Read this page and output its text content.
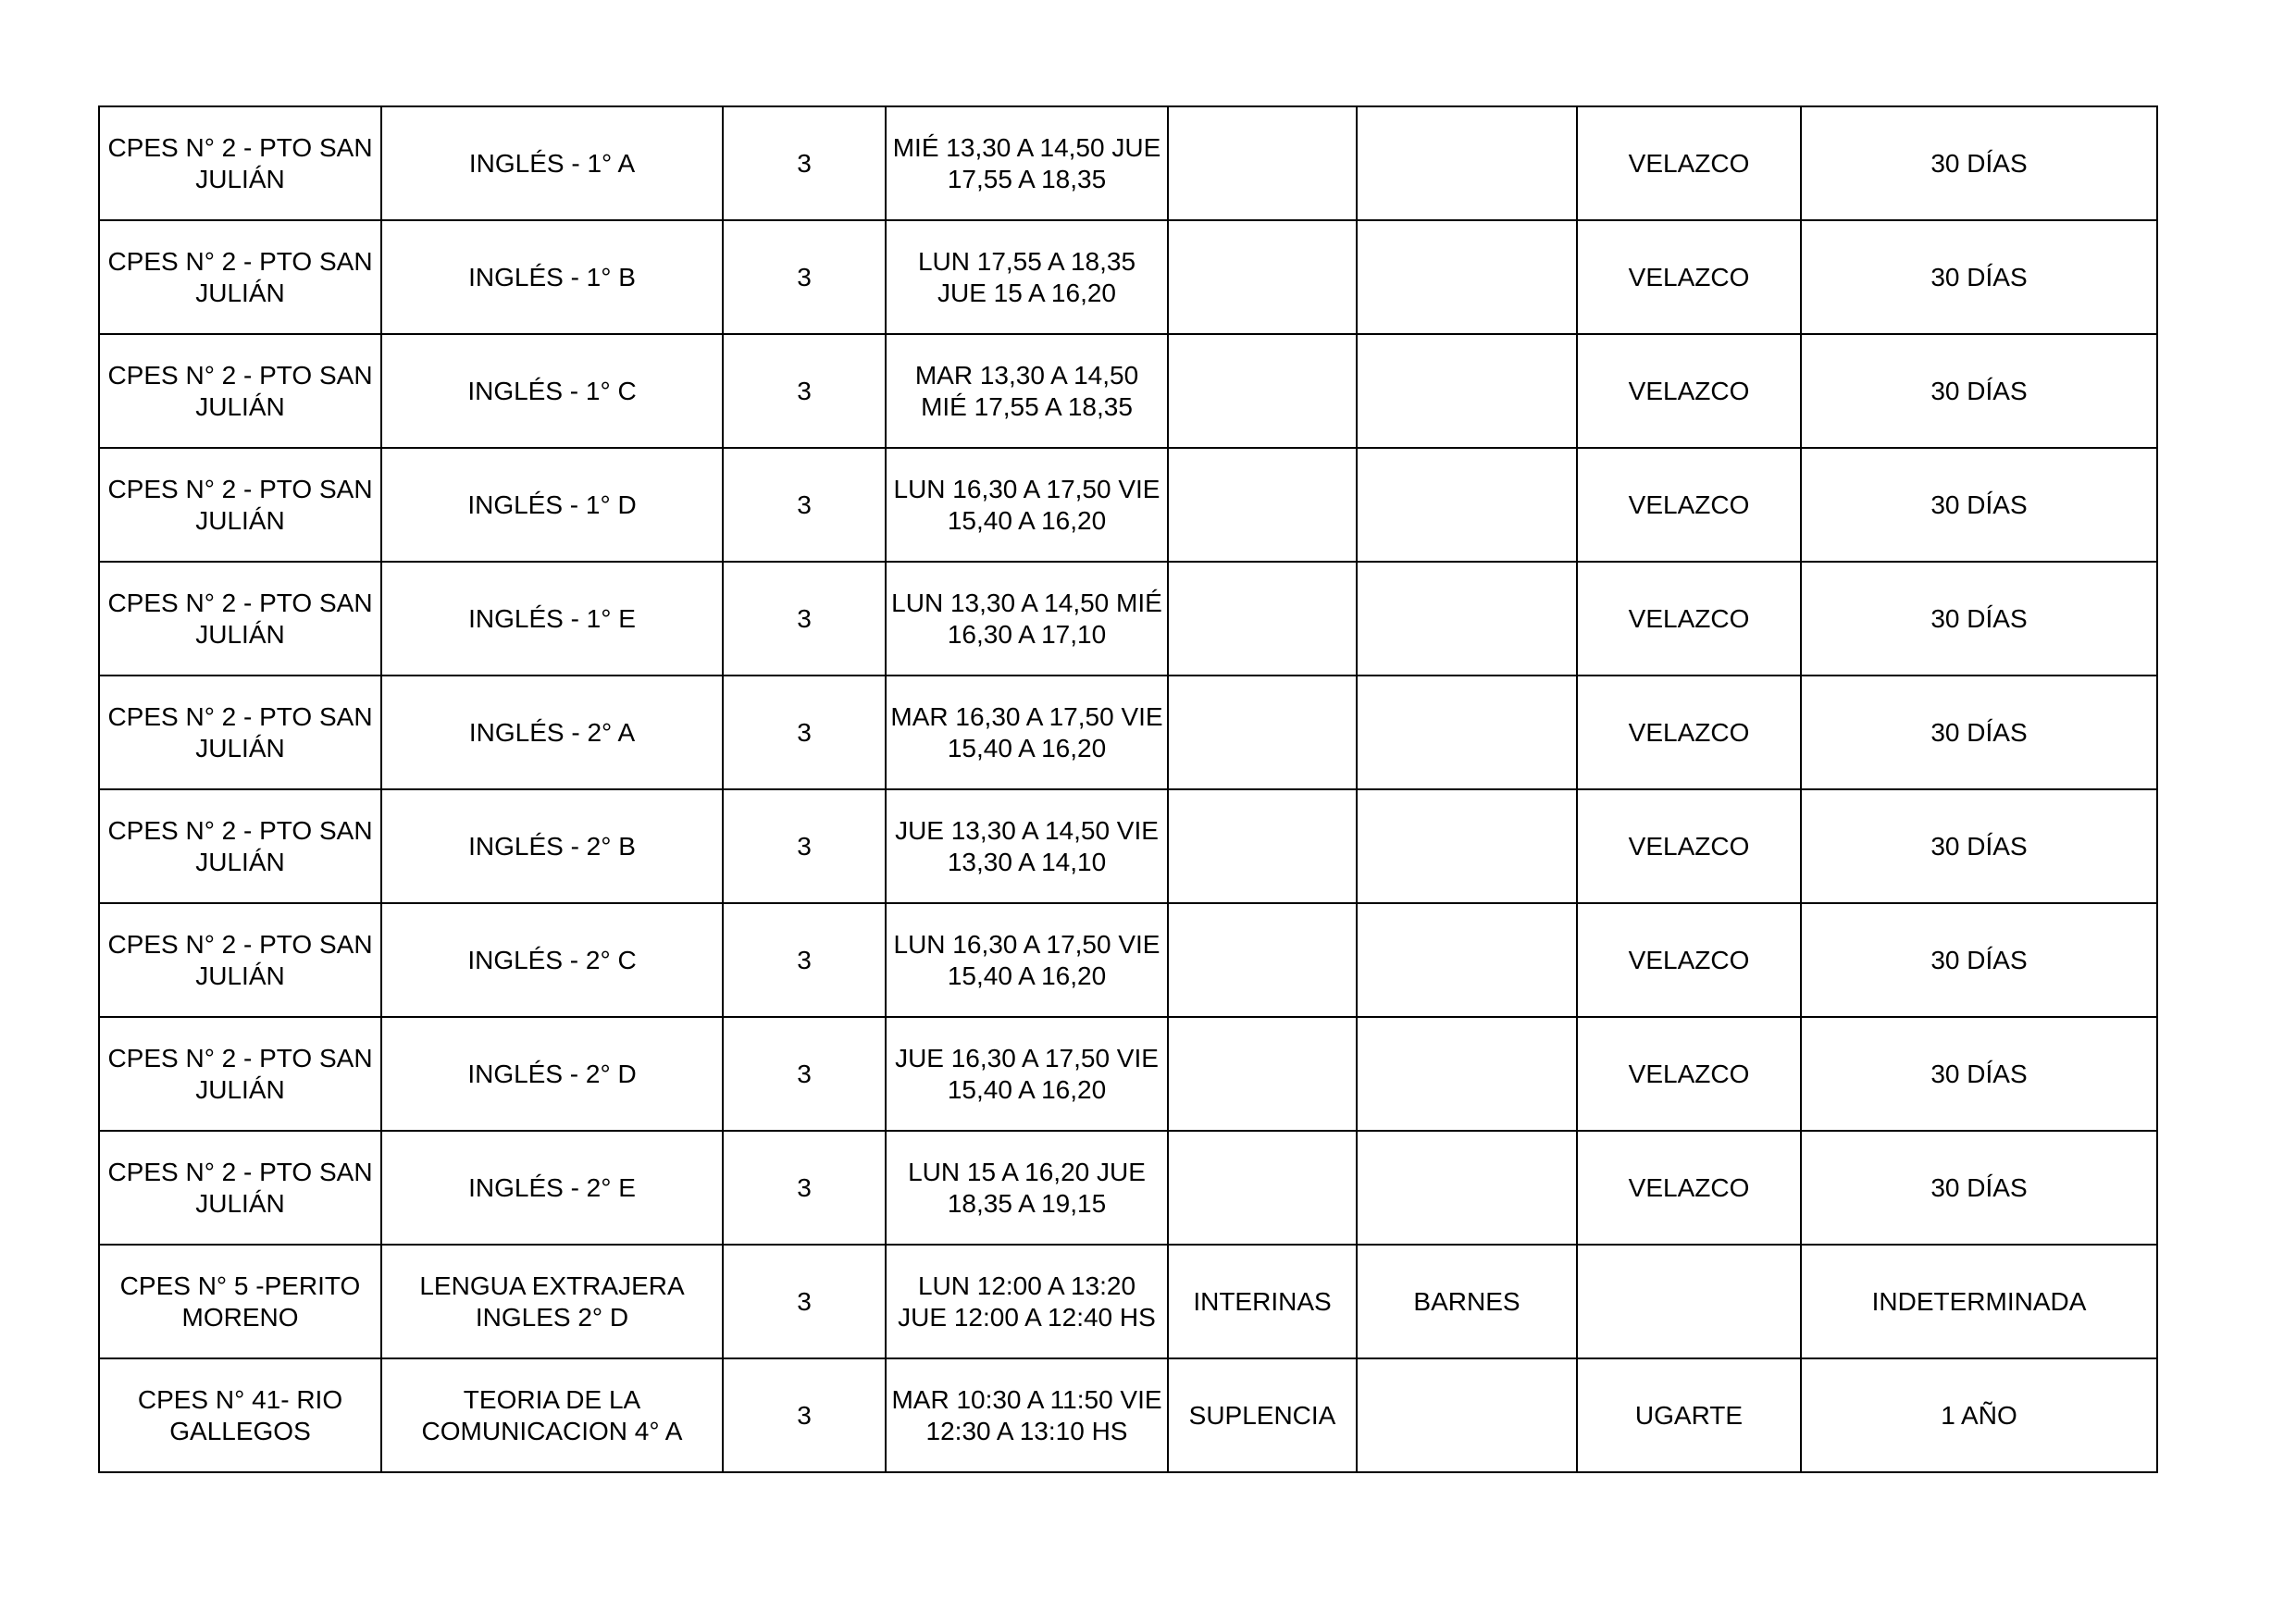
CPES N° 2 - PTO SAN JULIÁN	INGLÉS - 1° A	3	MIÉ 13,30 A 14,50 JUE 17,55 A 18,35			VELAZCO	30 DÍAS
CPES N° 2 - PTO SAN JULIÁN	INGLÉS - 1° B	3	LUN 17,55 A 18,35 JUE 15 A 16,20			VELAZCO	30 DÍAS
CPES N° 2 - PTO SAN JULIÁN	INGLÉS - 1° C	3	MAR 13,30 A 14,50 MIÉ 17,55 A 18,35			VELAZCO	30 DÍAS
CPES N° 2 - PTO SAN JULIÁN	INGLÉS - 1° D	3	LUN 16,30 A 17,50 VIE 15,40 A 16,20			VELAZCO	30 DÍAS
CPES N° 2 - PTO SAN JULIÁN	INGLÉS - 1° E	3	LUN 13,30 A 14,50 MIÉ 16,30 A 17,10			VELAZCO	30 DÍAS
CPES N° 2 - PTO SAN JULIÁN	INGLÉS - 2° A	3	MAR 16,30 A 17,50 VIE 15,40 A 16,20			VELAZCO	30 DÍAS
CPES N° 2 - PTO SAN JULIÁN	INGLÉS - 2° B	3	JUE 13,30 A 14,50 VIE 13,30 A 14,10			VELAZCO	30 DÍAS
CPES N° 2 - PTO SAN JULIÁN	INGLÉS - 2° C	3	LUN 16,30 A 17,50 VIE 15,40 A 16,20			VELAZCO	30 DÍAS
CPES N° 2 - PTO SAN JULIÁN	INGLÉS - 2° D	3	JUE 16,30 A 17,50 VIE 15,40 A 16,20			VELAZCO	30 DÍAS
CPES N° 2 - PTO SAN JULIÁN	INGLÉS - 2° E	3	LUN 15 A 16,20 JUE 18,35 A 19,15			VELAZCO	30 DÍAS
CPES N° 5 -PERITO MORENO	LENGUA EXTRAJERA INGLES 2° D	3	LUN 12:00 A 13:20 JUE 12:00 A 12:40 HS	INTERINAS	BARNES		INDETERMINADA
CPES N° 41- RIO GALLEGOS	TEORIA DE LA COMUNICACION 4° A	3	MAR 10:30 A 11:50 VIE 12:30 A 13:10 HS	SUPLENCIA		UGARTE	1 AÑO
